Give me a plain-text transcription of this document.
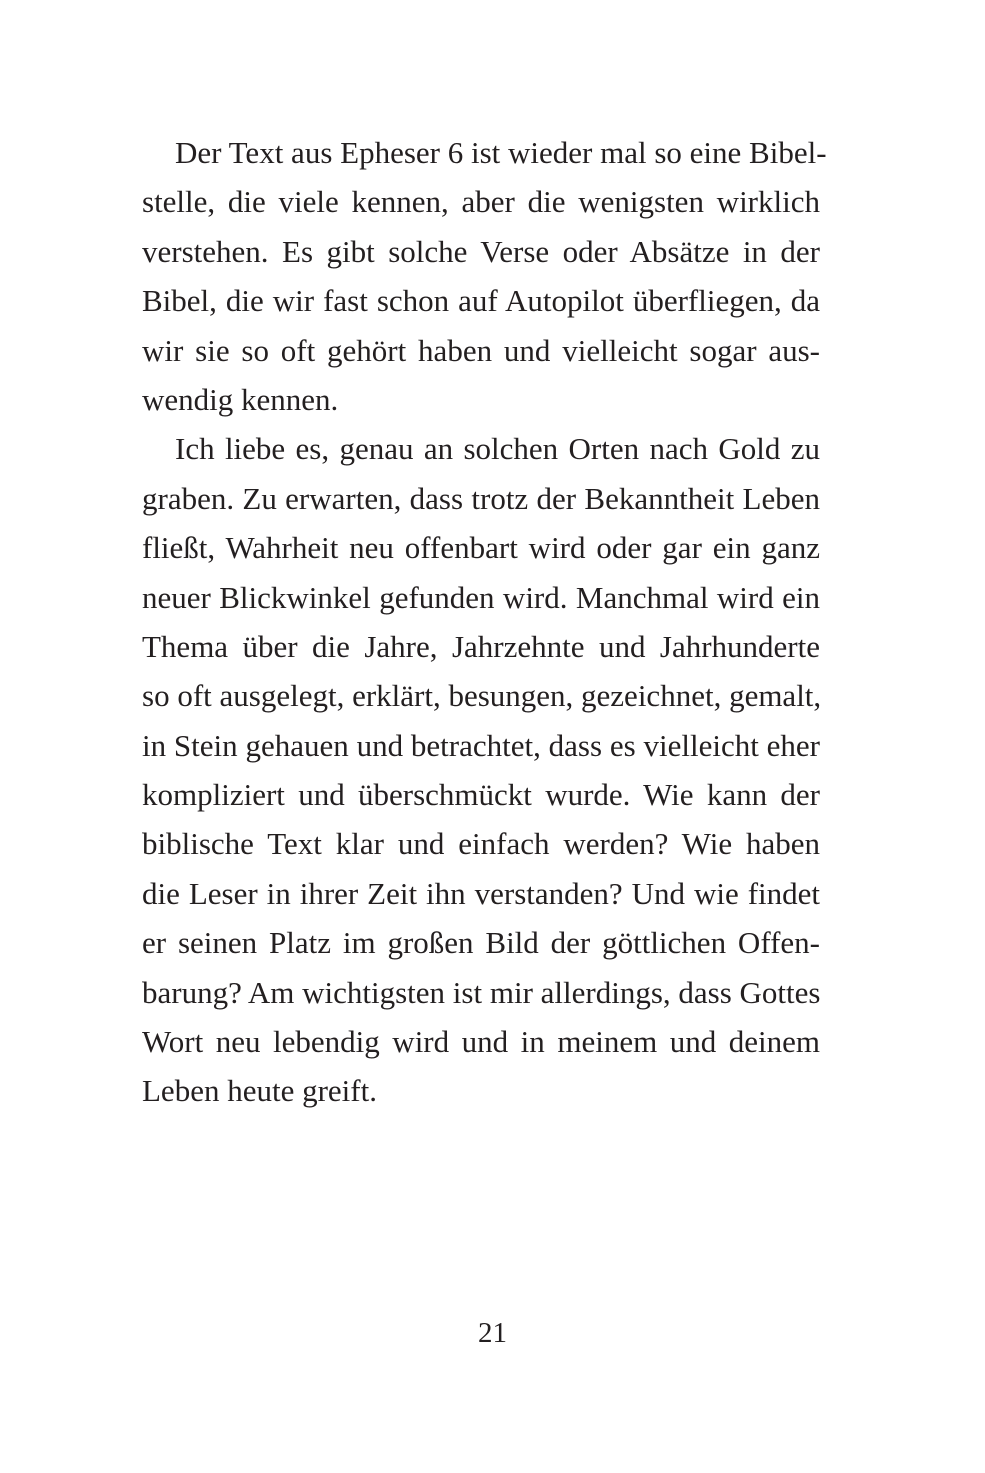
Der Text aus Epheser 6 ist wieder mal so eine Bibel-
stelle, die viele kennen, aber die wenigsten wirklich
verstehen. Es gibt solche Verse oder Absätze in der
Bibel, die wir fast schon auf Autopilot überfliegen, da
wir sie so oft gehört haben und vielleicht sogar aus-
wendig kennen.
Ich liebe es, genau an solchen Orten nach Gold zu
graben. Zu erwarten, dass trotz der Bekanntheit Leben
fließt, Wahrheit neu offenbart wird oder gar ein ganz
neuer Blickwinkel gefunden wird. Manchmal wird ein
Thema über die Jahre, Jahrzehnte und Jahrhunderte
so oft ausgelegt, erklärt, besungen, gezeichnet, gemalt,
in Stein gehauen und betrachtet, dass es vielleicht eher
kompliziert und überschmückt wurde. Wie kann der
biblische Text klar und einfach werden? Wie haben
die Leser in ihrer Zeit ihn verstanden? Und wie findet
er seinen Platz im großen Bild der göttlichen Offen-
barung? Am wichtigsten ist mir allerdings, dass Gottes
Wort neu lebendig wird und in meinem und deinem
Leben heute greift.
21
